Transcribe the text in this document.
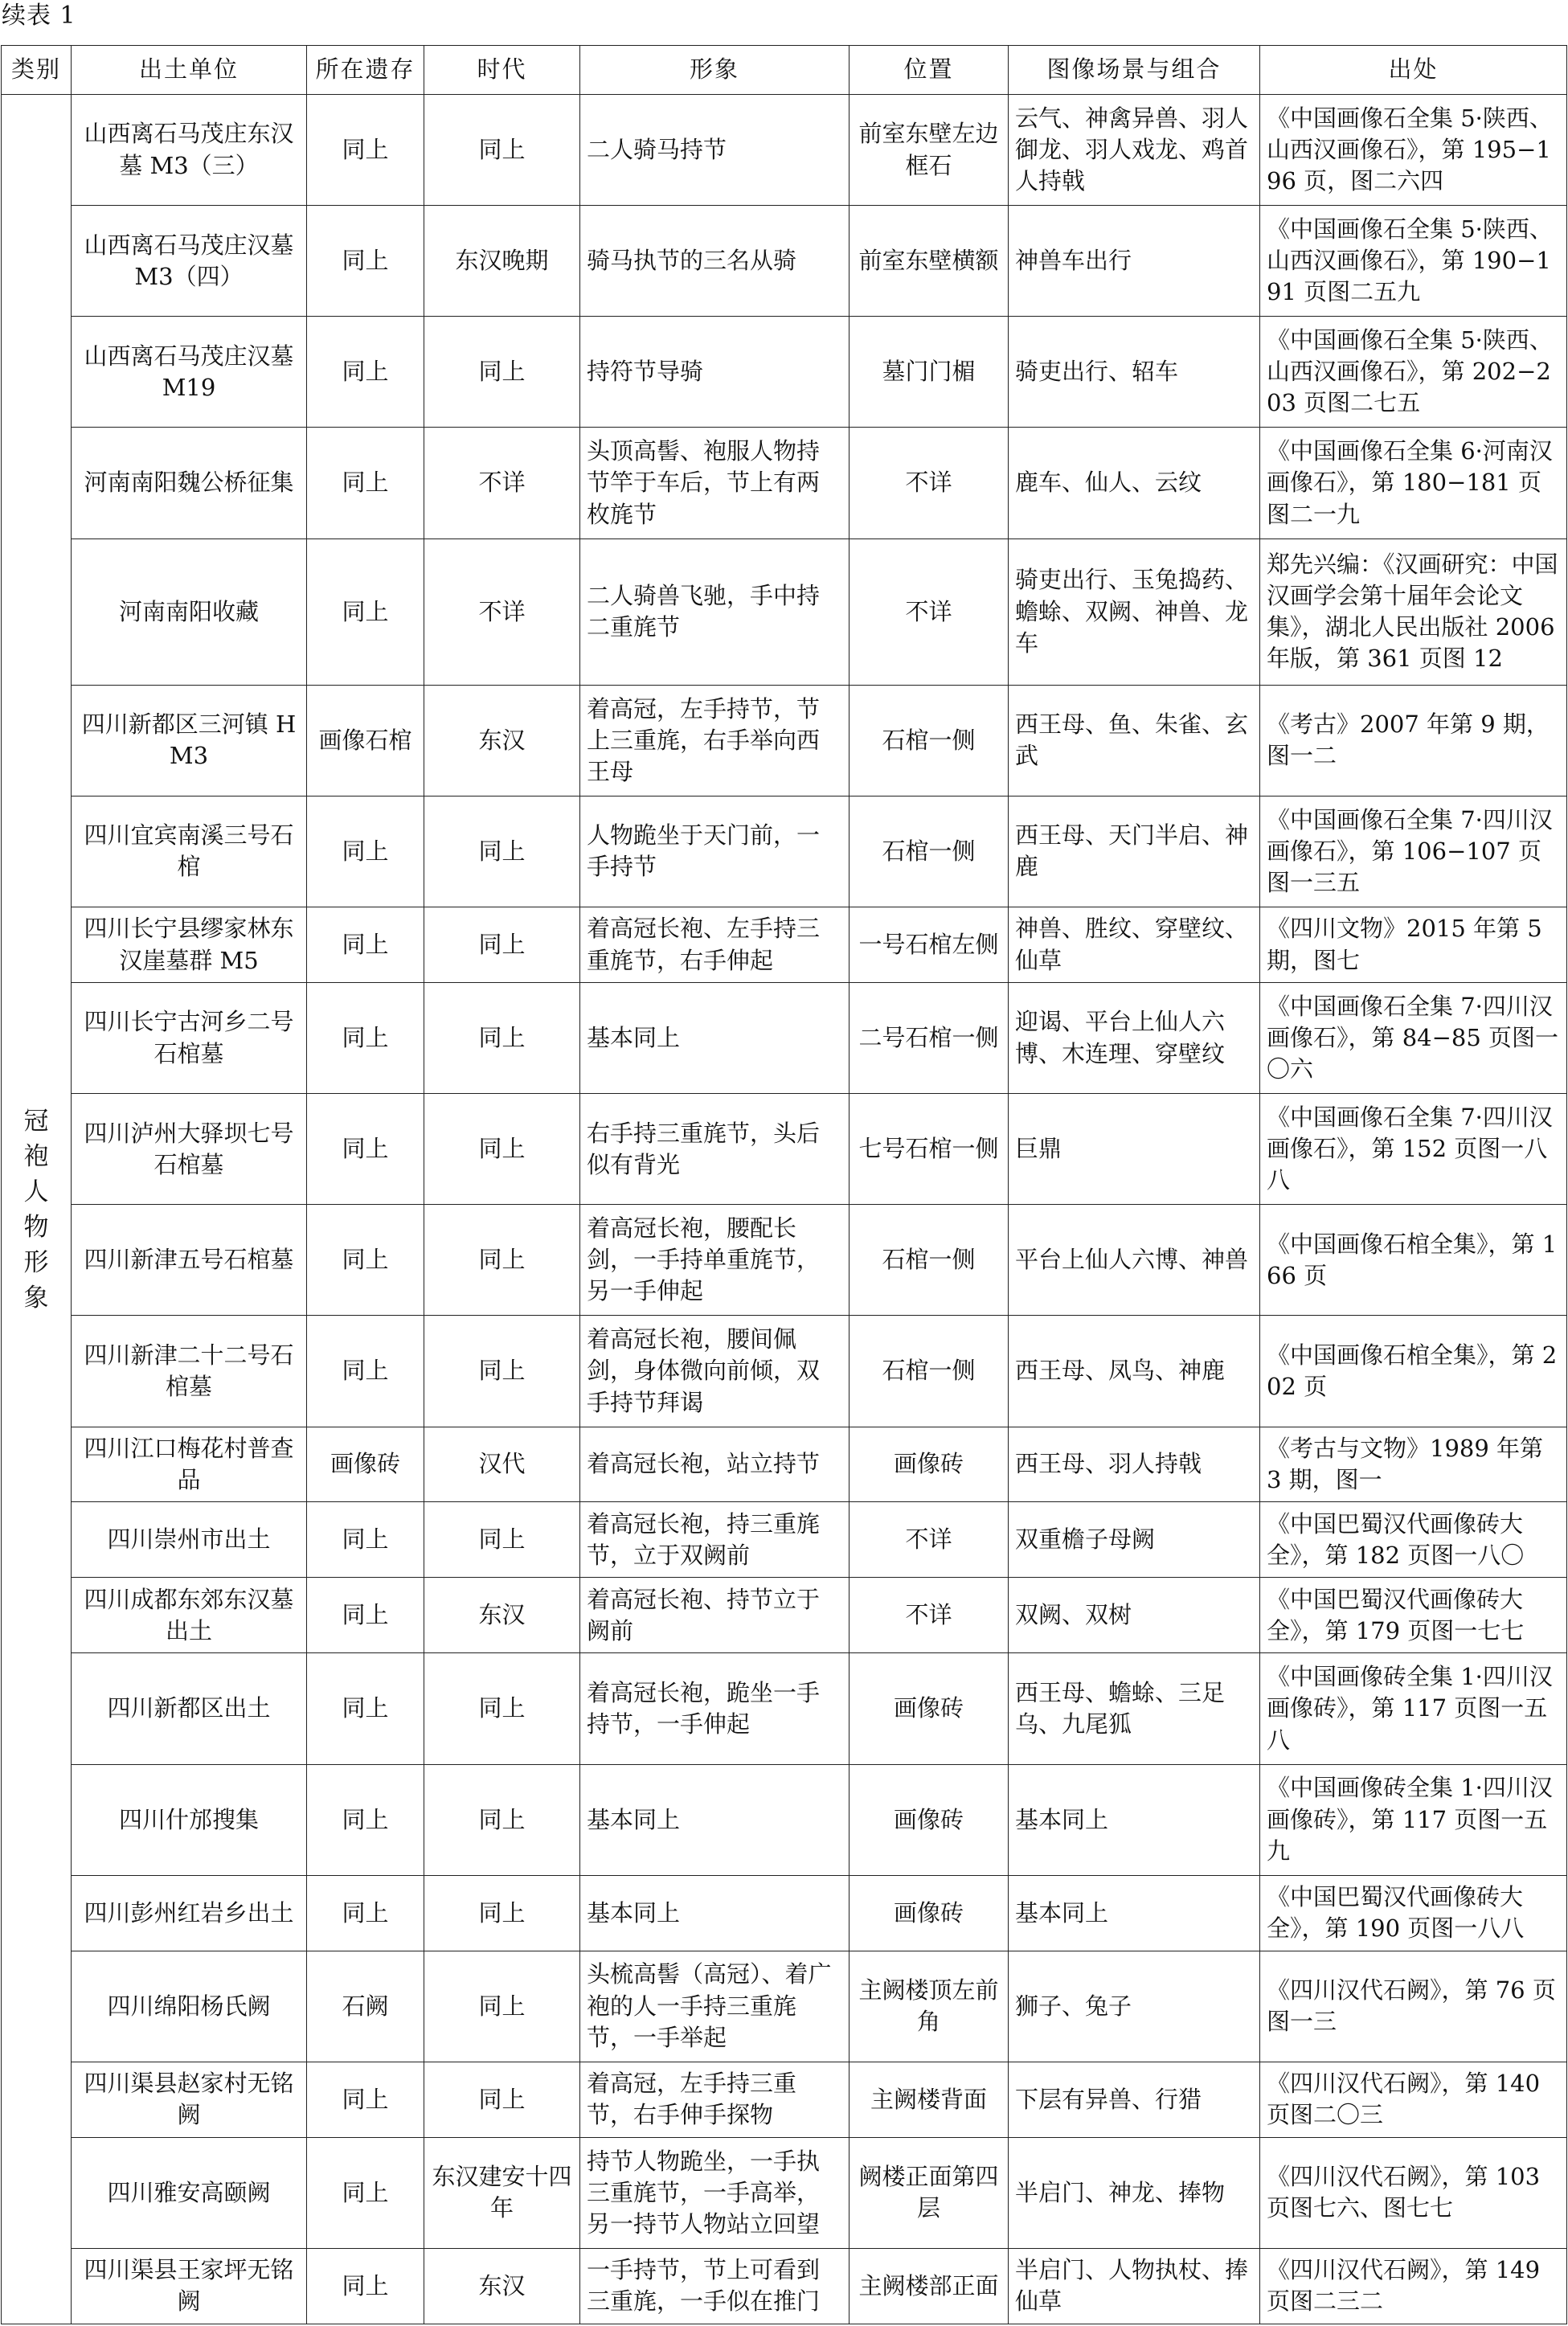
续表 1
类别	出土单位	所在遗存	时代	形象	位置	图像场景与组合	出处
冠袍人物形象	山西离石马茂庄东汉墓 M3（三）	同上	同上	二人骑马持节	前室东壁左边框石	云气、神禽异兽、羽人御龙、羽人戏龙、鸡首人持戟	《中国画像石全集 5·陕西、山西汉画像石》，第 195−196 页，图二六四
	山西离石马茂庄汉墓 M3（四）	同上	东汉晚期	骑马执节的三名从骑	前室东壁横额	神兽车出行	《中国画像石全集 5·陕西、山西汉画像石》，第 190−191 页图二五九
	山西离石马茂庄汉墓 M19	同上	同上	持符节导骑	墓门门楣	骑吏出行、轺车	《中国画像石全集 5·陕西、山西汉画像石》，第 202−203 页图二七五
	河南南阳魏公桥征集	同上	不详	头顶高髻、袍服人物持节竿于车后，节上有两枚旄节	不详	鹿车、仙人、云纹	《中国画像石全集 6·河南汉画像石》，第 180−181 页图二一九
	河南南阳收藏	同上	不详	二人骑兽飞驰，手中持二重旄节	不详	骑吏出行、玉兔捣药、蟾蜍、双阙、神兽、龙车	郑先兴编：《汉画研究：中国汉画学会第十届年会论文集》，湖北人民出版社 2006 年版，第 361 页图 12
	四川新都区三河镇 HM3	画像石棺	东汉	着高冠，左手持节，节上三重旄，右手举向西王母	石棺一侧	西王母、鱼、朱雀、玄武	《考古》2007 年第 9 期，图一二
	四川宜宾南溪三号石棺	同上	同上	人物跪坐于天门前，一手持节	石棺一侧	西王母、天门半启、神鹿	《中国画像石全集 7·四川汉画像石》，第 106−107 页图一三五
	四川长宁县缪家林东汉崖墓群 M5	同上	同上	着高冠长袍、左手持三重旄节，右手伸起	一号石棺左侧	神兽、胜纹、穿壁纹、仙草	《四川文物》2015 年第 5 期，图七
	四川长宁古河乡二号石棺墓	同上	同上	基本同上	二号石棺一侧	迎谒、平台上仙人六博、木连理、穿壁纹	《中国画像石全集 7·四川汉画像石》，第 84−85 页图一〇六
	四川泸州大驿坝七号石棺墓	同上	同上	右手持三重旄节，头后似有背光	七号石棺一侧	巨鼎	《中国画像石全集 7·四川汉画像石》，第 152 页图一八八
	四川新津五号石棺墓	同上	同上	着高冠长袍，腰配长剑，一手持单重旄节，另一手伸起	石棺一侧	平台上仙人六博、神兽	《中国画像石棺全集》，第 166 页
	四川新津二十二号石棺墓	同上	同上	着高冠长袍，腰间佩剑，身体微向前倾，双手持节拜谒	石棺一侧	西王母、凤鸟、神鹿	《中国画像石棺全集》，第 202 页
	四川江口梅花村普查品	画像砖	汉代	着高冠长袍，站立持节	画像砖	西王母、羽人持戟	《考古与文物》1989 年第 3 期，图一
	四川崇州市出土	同上	同上	着高冠长袍，持三重旄节，立于双阙前	不详	双重檐子母阙	《中国巴蜀汉代画像砖大全》，第 182 页图一八〇
	四川成都东郊东汉墓出土	同上	东汉	着高冠长袍、持节立于阙前	不详	双阙、双树	《中国巴蜀汉代画像砖大全》，第 179 页图一七七
	四川新都区出土	同上	同上	着高冠长袍，跪坐一手持节，一手伸起	画像砖	西王母、蟾蜍、三足乌、九尾狐	《中国画像砖全集 1·四川汉画像砖》，第 117 页图一五八
	四川什邡搜集	同上	同上	基本同上	画像砖	基本同上	《中国画像砖全集 1·四川汉画像砖》，第 117 页图一五九
	四川彭州红岩乡出土	同上	同上	基本同上	画像砖	基本同上	《中国巴蜀汉代画像砖大全》，第 190 页图一八八
	四川绵阳杨氏阙	石阙	同上	头梳高髻（高冠）、着广袍的人一手持三重旄节，一手举起	主阙楼顶左前角	狮子、兔子	《四川汉代石阙》，第 76 页图一三
	四川渠县赵家村无铭阙	同上	同上	着高冠，左手持三重节，右手伸手探物	主阙楼背面	下层有异兽、行猎	《四川汉代石阙》，第 140 页图二〇三
	四川雅安高颐阙	同上	东汉建安十四年	持节人物跪坐，一手执三重旄节，一手高举，另一持节人物站立回望	阙楼正面第四层	半启门、神龙、捧物	《四川汉代石阙》，第 103 页图七六、图七七
	四川渠县王家坪无铭阙	同上	东汉	一手持节，节上可看到三重旄，一手似在推门	主阙楼部正面	半启门、人物执杖、捧仙草	《四川汉代石阙》，第 149 页图二三二
